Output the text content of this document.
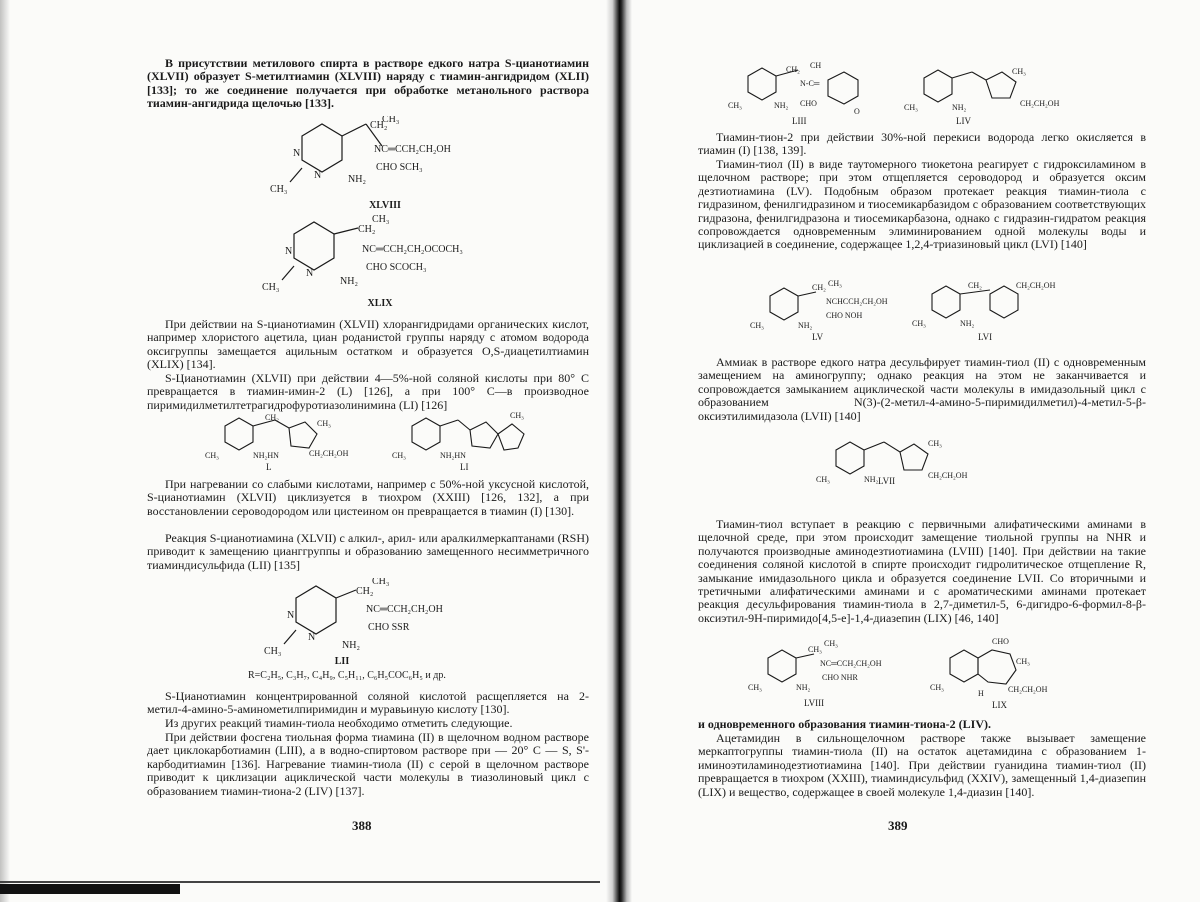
В присутствии метилового спирта в растворе едкого натра S-цианотиамин (XLVII) образует S-метилтиамин (XLVIII) наряду с тиамин-ангидридом (XLII) [133]; то же соединение получается при обработке метанольного раствора тиамин-ангидрида щелочью [133].

N
N	NH₂
CH₃
CH₂
CH₃
NC═CCH₂CH₂OH
CHO SCH₃
XLVIII
N
N
NH₂
CH₃
CH₂
CH₃
NC═CCH₂CH₂OCOCH₃
CHO SCOCH₃
XLIX

При действии на S-цианотиамин (XLVII) хлорангидридами органических кислот, например хлористого ацетила, циан роданистой группы наряду с атомом водорода оксигруппы замещается ацильным остатком и образуется O,S-диацетилтиамин (XLIX) [134].

S-Цианотиамин (XLVII) при действии 4—5%-ной соляной кислоты при 80° С превращается в тиамин-имин-2 (L) [126], а при 100° С—в производное пиримидилметилтетрагидрофуротиазолинимина (LI) [126]

CH₃
CH₂
CH₃
NH₂HN	CH₂CH₂OH
L
CH₃
CH₃
NH₂HN
LI

При нагревании со слабыми кислотами, например с 50%-ной уксусной кислотой, S-цианотиамин (XLVII) циклизуется в тиохром (XXIII) [126, 132], а при восстановлении сероводородом или цистеином он превращается в тиамин (I) [130].

Реакция S-цианотиамина (XLVII) с алкил-, арил- или аралкилмеркаптанами (RSH) приводит к замещению цианггруппы и образованию замещенного несимметричного тиаминдисульфида (LII) [135]

N
N
NH₂
CH₃
CH₂
CH₃
NC═CCH₂CH₂OH
CHO SSR
LII
R=C₂H₅, C₃H₇, C₄H₉, C₅H₁₁, C₆H₅COC₆H₅ и др.

S-Цианотиамин концентрированной соляной кислотой расщепляется на 2-метил-4-амино-5-аминометилпиримидин и муравьиную кислоту [130].

Из других реакций тиамин-тиола необходимо отметить следующие.

При действии фосгена тиольная форма тиамина (II) в щелочном водном растворе дает циклокарботиамин (LIII), а в водно-спиртовом растворе при — 20° С — S, S'-карбодитиамин [136]. Нагревание тиамин-тиола (II) с серой в щелочном растворе приводит к циклизации ациклической части молекулы в тиазолиновый цикл с образованием тиамин-тиона-2 (LIV) [137].

388
CH₃
CH₂ CH
N-C═
NH₂ CHO
O
LIII
CH₃	NH₂
CH₃
CH₂CH₂OH
LIV

Тиамин-тион-2 при действии 30%-ной перекиси водорода легко окисляется в тиамин (I) [138, 139].

Тиамин-тиол (II) в виде таутомерного тиокетона реагирует с гидроксиламином в щелочном растворе; при этом отщепляется сероводород и образуется оксим дезтиотиамина (LV). Подобным образом протекает реакция тиамин-тиола с гидразином, фенилгидразином и тиосемикарбазидом с образованием соответствующих гидразона, фенилгидразона и тиосемикарбазона, однако с гидразин-гидратом реакция сопровождается одновременным элиминированием одной молекулы воды и циклизацией в соединение, содержащее 1,2,4-триазиновый цикл (LVI) [140]

CH₃	NH₂
CH₂ CH₃
NCHCCH₂CH₂OH
CHO NOH
LV
CH₃	NH₂
CH₂	CH₂CH₂OH
LVI

Аммиак в растворе едкого натра десульфирует тиамин-тиол (II) с одновременным замещением на аминогруппу; однако реакция на этом не заканчивается и сопровождается замыканием ациклической части молекулы в имидазольный цикл с образованием N(3)-(2-метил-4-амино-5-пиримидилметил)-4-метил-5-β-оксиэтилимидазола (LVII) [140]

CH₃	NH₂
CH₃
CH₂CH₂OH
LVII

Тиамин-тиол вступает в реакцию с первичными алифатическими аминами в щелочной среде, при этом происходит замещение тиольной группы на NHR и получаются производные аминодезтиотиамина (LVIII) [140]. При действии на такие соединения соляной кислотой в спирте происходит гидролитическое отщепление R, замыкание имидазольного цикла и образуется соединение LVII. Со вторичными и третичными алифатическими аминами и с ароматическими аминами протекает реакция десульфирования тиамин-тиола в 2,7-диметил-5, 6-дигидро-6-формил-8-β-оксиэтил-9Н-пиримидо[4,5-е]-1,4-диазепин (LIX) [46, 140]

CH₃	NH₂
CH₃
CH₃
NC═CCH₂CH₂OH
CHO NHR
LVIII
CH₃
CHO
CH₃
H	CH₂CH₂OH
LIX

и одновременного образования тиамин-тиона-2 (LIV).

Ацетамидин в сильнощелочном растворе также вызывает замещение меркаптогруппы тиамин-тиола (II) на остаток ацетамидина с образованием 1-иминоэтиламинодезтиотиамина [140]. При действии гуанидина тиамин-тиол (II) превращается в тиохром (XXIII), тиаминдисульфид (XXIV), замещенный 1,4-диазепин (LIX) и вещество, содержащее в своей молекуле 1,4-диазин [140].

389
